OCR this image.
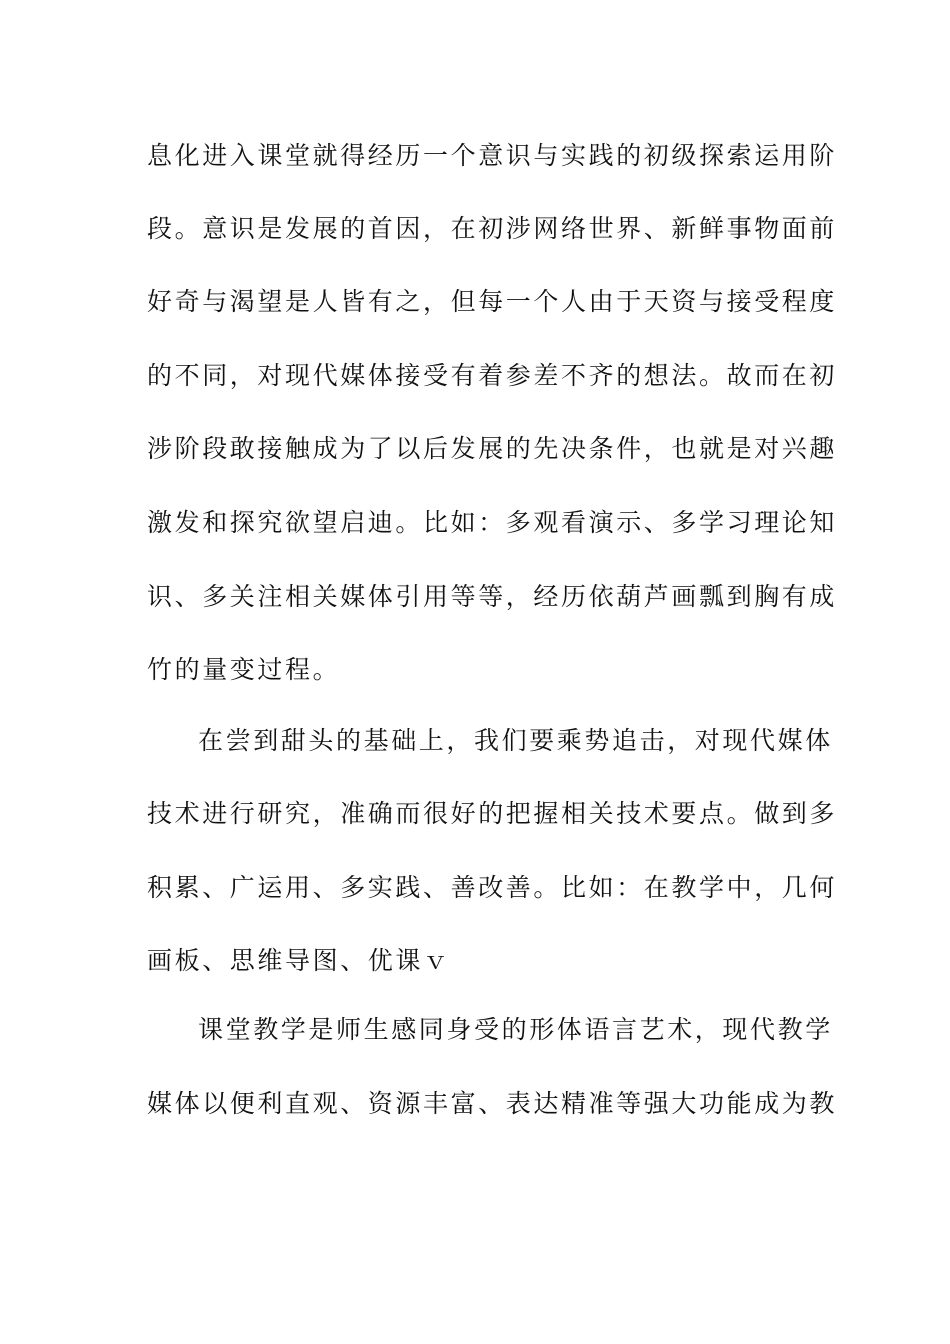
息化进入课堂就得经历一个意识与实践的初级探索运用阶
段。意识是发展的首因，在初涉网络世界、新鲜事物面前
好奇与渴望是人皆有之，但每一个人由于天资与接受程度
的不同，对现代媒体接受有着参差不齐的想法。故而在初
涉阶段敢接触成为了以后发展的先决条件，也就是对兴趣
激发和探究欲望启迪。比如：多观看演示、多学习理论知
识、多关注相关媒体引用等等，经历依葫芦画瓢到胸有成
竹的量变过程。
在尝到甜头的基础上，我们要乘势追击，对现代媒体
技术进行研究，准确而很好的把握相关技术要点。做到多
积累、广运用、多实践、善改善。比如：在教学中，几何
画板、思维导图、优课ｖ
课堂教学是师生感同身受的形体语言艺术，现代教学
媒体以便利直观、资源丰富、表达精准等强大功能成为教
